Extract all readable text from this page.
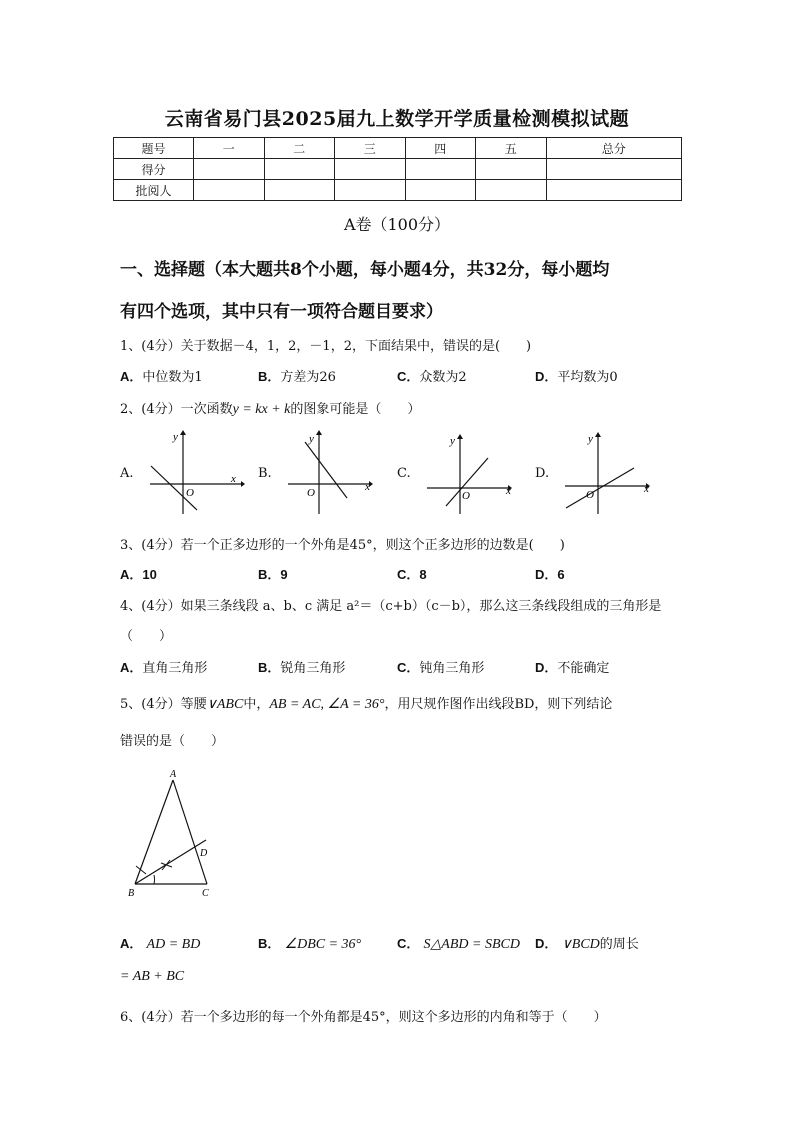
云南省易门县2025届九上数学开学质量检测模拟试题
题号	一	二	三	四	五	总分
得分						
批阅人						
A卷（100分）
一、选择题（本大题共8个小题，每小题4分，共32分，每小题均
有四个选项，其中只有一项符合题目要求）
1、(4分）关于数据－4，1，2，－1，2，下面结果中，错误的是(　　)
A．中位数为1	B．方差为26	C．众数为2	D．平均数为0
2、(4分）一次函数y = kx + k的图象可能是（　　）
A.	B.	C.	D.
y
x
O
y
x
O
y
x
O
y
x
O
3、(4分）若一个正多边形的一个外角是45°，则这个正多边形的边数是(　　)
A．10	B．9	C．8	D．6
4、(4分）如果三条线段 a、b、c 满足 a²＝（c+b）（c－b），那么这三条线段组成的三角形是
（　　）
A．直角三角形	B．锐角三角形	C．钝角三角形	D．不能确定
5、(4分）等腰∨ABC中，AB = AC, ∠A = 36°，用尺规作图作出线段BD，则下列结论
错误的是（　　）
A
B	C
D
A． AD = BD	B． ∠DBC = 36°	C． S△ABD = SBCD D． ∨BCD的周长
= AB + BC
6、(4分）若一个多边形的每一个外角都是45°，则这个多边形的内角和等于（　　）
